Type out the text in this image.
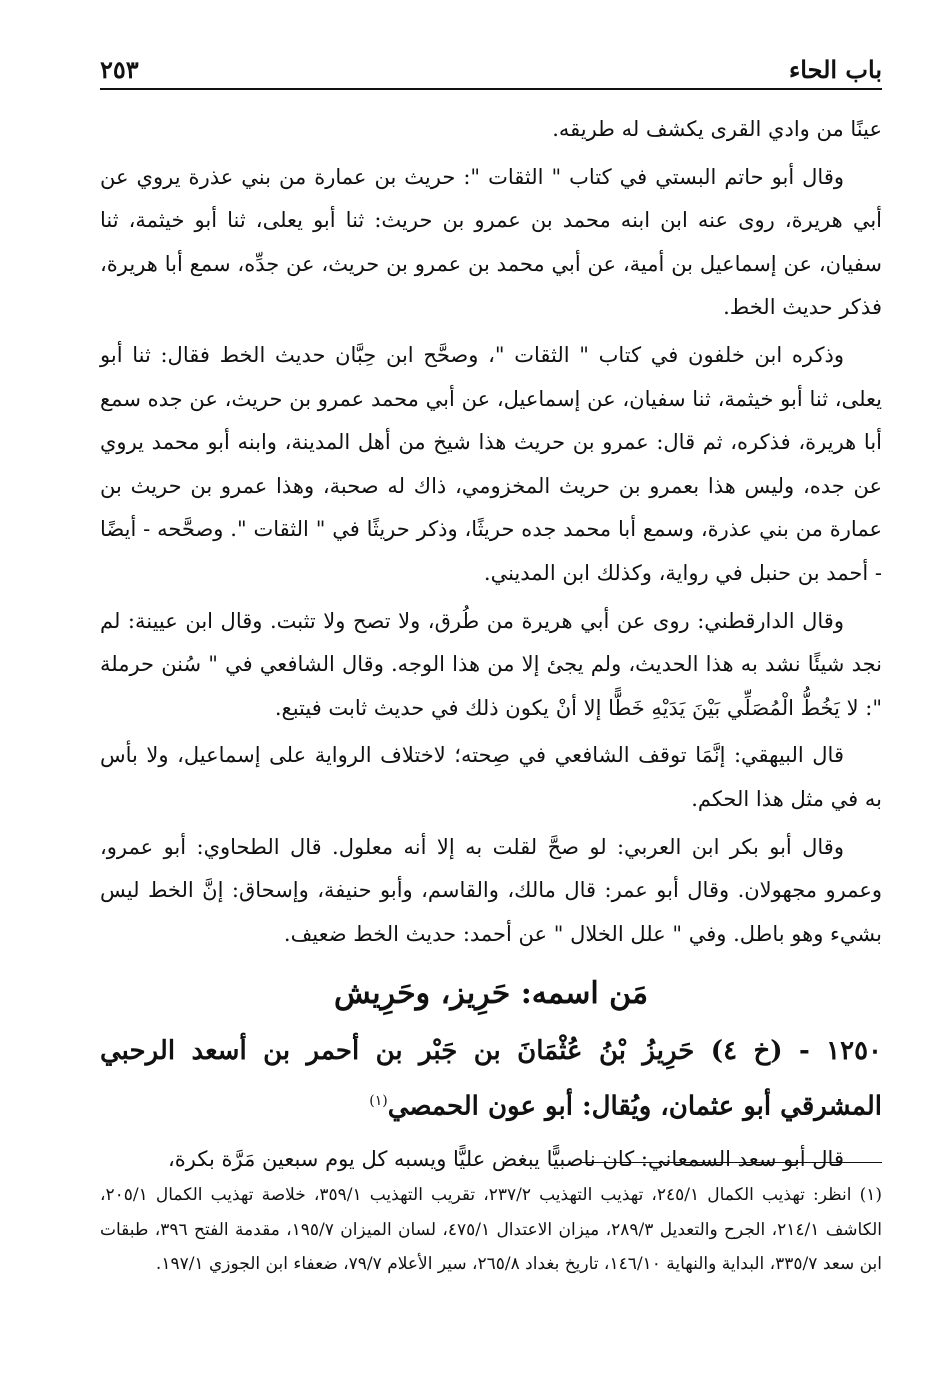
باب الحاء
٢٥٣

عينًا من وادي القرى يكشف له طريقه.

وقال أبو حاتم البستي في كتاب " الثقات ": حريث بن عمارة من بني عذرة يروي عن أبي هريرة، روى عنه ابن ابنه محمد بن عمرو بن حريث: ثنا أبو يعلى، ثنا أبو خيثمة، ثنا سفيان، عن إسماعيل بن أمية، عن أبي محمد بن عمرو بن حريث، عن جدِّه، سمع أبا هريرة، فذكر حديث الخط.

وذكره ابن خلفون في كتاب " الثقات "، وصحَّح ابن حِبَّان حديث الخط فقال: ثنا أبو يعلى، ثنا أبو خيثمة، ثنا سفيان، عن إسماعيل، عن أبي محمد عمرو بن حريث، عن جده سمع أبا هريرة، فذكره، ثم قال: عمرو بن حريث هذا شيخ من أهل المدينة، وابنه أبو محمد يروي عن جده، وليس هذا بعمرو بن حريث المخزومي، ذاك له صحبة، وهذا عمرو بن حريث بن عمارة من بني عذرة، وسمع أبا محمد جده حريثًا، وذكر حريثًا في " الثقات ". وصحَّحه - أيضًا - أحمد بن حنبل في رواية، وكذلك ابن المديني.

وقال الدارقطني: روى عن أبي هريرة من طُرق، ولا تصح ولا تثبت. وقال ابن عيينة: لم نجد شيئًا نشد به هذا الحديث، ولم يجئ إلا من هذا الوجه. وقال الشافعي في " سُنن حرملة ": لا يَخُطُّ الْمُصَلِّي بَيْنَ يَدَيْهِ خَطًّا إلا أنْ يكون ذلك في حديث ثابت فيتبع.

قال البيهقي: إنَّمَا توقف الشافعي في صِحته؛ لاختلاف الرواية على إسماعيل، ولا بأس به في مثل هذا الحكم.

وقال أبو بكر ابن العربي: لو صحَّ لقلت به إلا أنه معلول. قال الطحاوي: أبو عمرو، وعمرو مجهولان. وقال أبو عمر: قال مالك، والقاسم، وأبو حنيفة، وإسحاق: إنَّ الخط ليس بشيء وهو باطل. وفي " علل الخلال " عن أحمد: حديث الخط ضعيف.

مَن اسمه: حَرِيز، وحَرِيش
١٢٥٠ - (خ ٤) حَرِيزُ بْنُ عُثْمَانَ بن جَبْر بن أحمر بن أسعد الرحبي المشرقي أبو عثمان، ويُقال: أبو عون الحمصي$^{(١)}$

قال أبو سعد السمعاني: كان ناصبيًّا يبغض عليًّا ويسبه كل يوم سبعين مَرَّة بكرة،

(١) انظر: تهذيب الكمال ٢٤٥/١، تهذيب التهذيب ٢٣٧/٢، تقريب التهذيب ٣٥٩/١، خلاصة تهذيب الكمال ٢٠٥/١، الكاشف ٢١٤/١، الجرح والتعديل ٢٨٩/٣، ميزان الاعتدال ٤٧٥/١، لسان الميزان ١٩٥/٧، مقدمة الفتح ٣٩٦، طبقات ابن سعد ٣٣٥/٧، البداية والنهاية ١٤٦/١٠، تاريخ بغداد ٢٦٥/٨، سير الأعلام ٧٩/٧، ضعفاء ابن الجوزي ١٩٧/١.
